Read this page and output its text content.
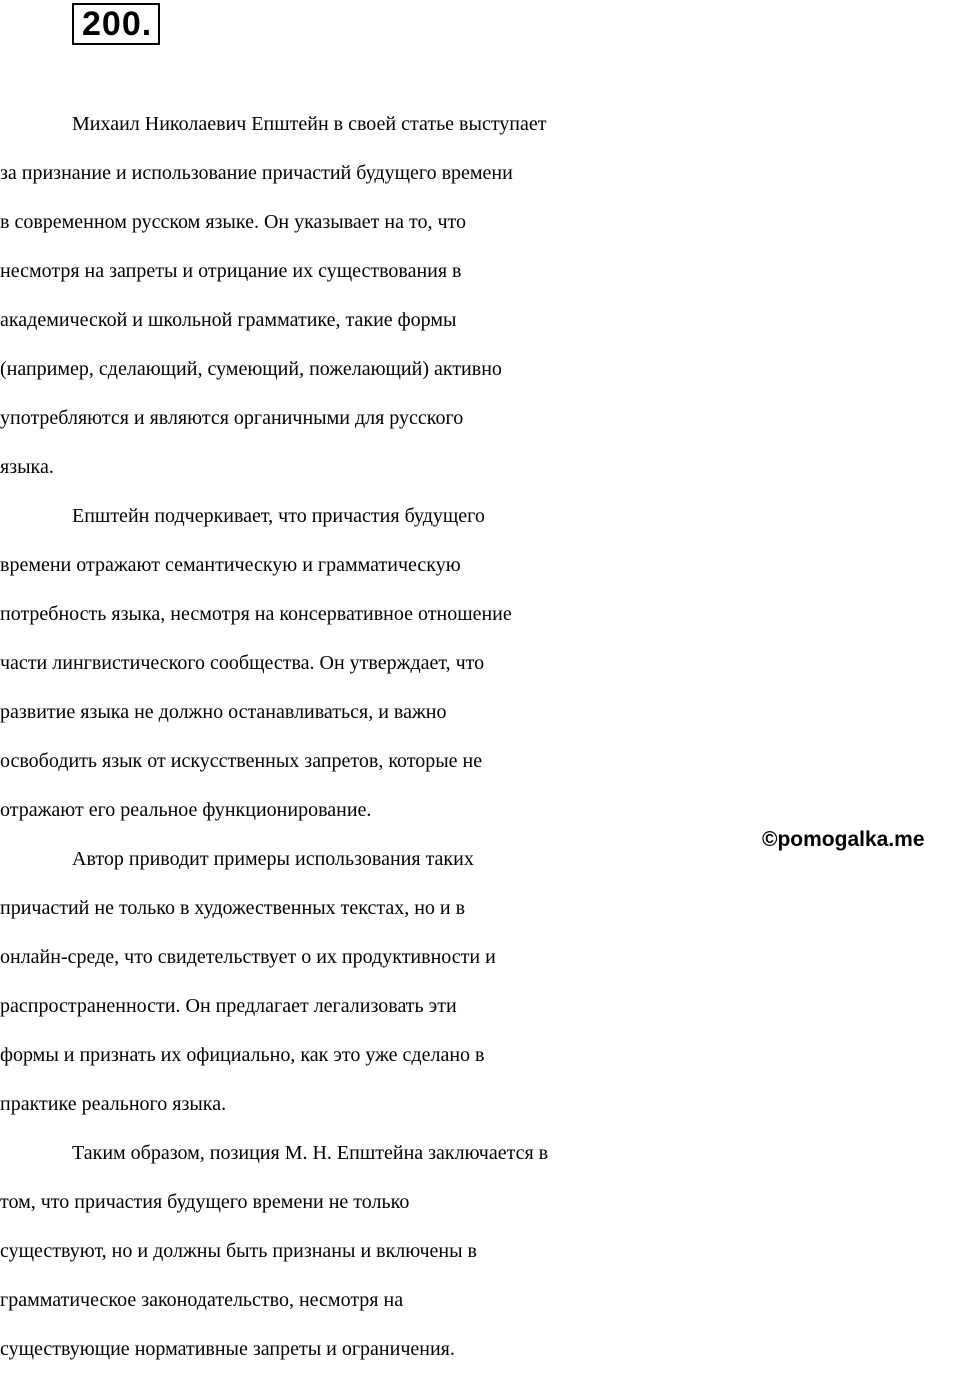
200.
Михаил Николаевич Епштейн в своей статье выступает
за признание и использование причастий будущего времени
в современном русском языке. Он указывает на то, что
несмотря на запреты и отрицание их существования в
академической и школьной грамматике, такие формы
(например, сделающий, сумеющий, пожелающий) активно
употребляются и являются органичными для русского
языка.
Епштейн подчеркивает, что причастия будущего
времени отражают семантическую и грамматическую
потребность языка, несмотря на консервативное отношение
части лингвистического сообщества. Он утверждает, что
развитие языка не должно останавливаться, и важно
освободить язык от искусственных запретов, которые не
отражают его реальное функционирование.
Автор приводит примеры использования таких
причастий не только в художественных текстах, но и в
онлайн-среде, что свидетельствует о их продуктивности и
распространенности. Он предлагает легализовать эти
формы и признать их официально, как это уже сделано в
практике реального языка.
Таким образом, позиция М. Н. Епштейна заключается в
том, что причастия будущего времени не только
существуют, но и должны быть признаны и включены в
грамматическое законодательство, несмотря на
существующие нормативные запреты и ограничения.
©pomogalka.me
